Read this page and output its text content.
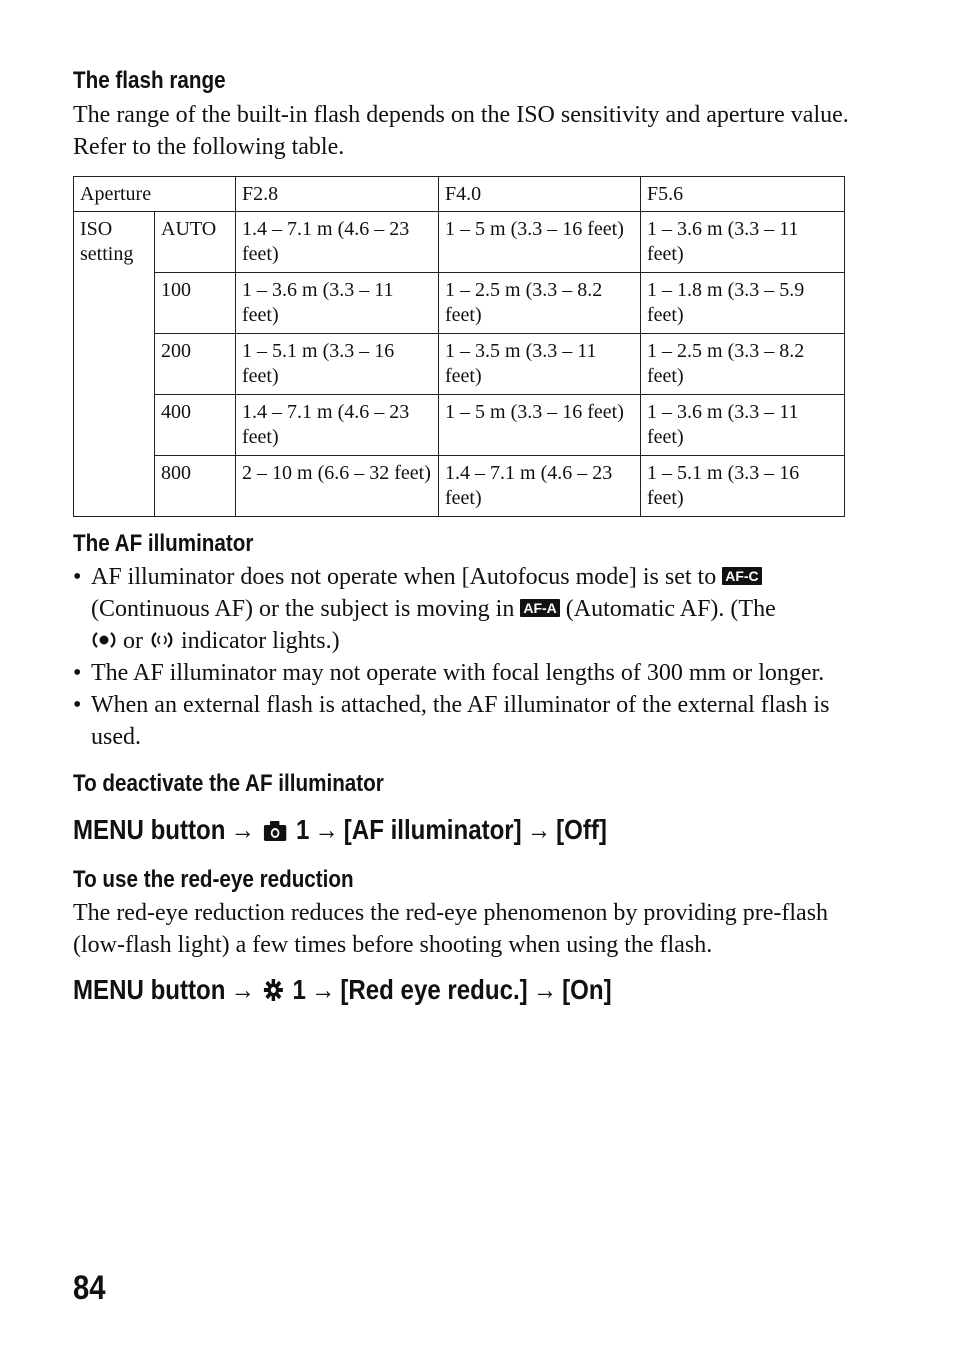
The flash range

The range of the built-in flash depends on the ISO sensitivity and aperture value. Refer to the following table.

Aperture		F2.8	F4.0	F5.6
ISO setting	AUTO	1.4 – 7.1 m (4.6 – 23 feet)	1 – 5 m (3.3 – 16 feet)	1 – 3.6 m (3.3 – 11 feet)
	100	1 – 3.6 m (3.3 – 11 feet)	1 – 2.5 m (3.3 – 8.2 feet)	1 – 1.8 m (3.3 – 5.9 feet)
	200	1 – 5.1 m (3.3 – 16 feet)	1 – 3.5 m (3.3 – 11 feet)	1 – 2.5 m (3.3 – 8.2 feet)
	400	1.4 – 7.1 m (4.6 – 23 feet)	1 – 5 m (3.3 – 16 feet)	1 – 3.6 m (3.3 – 11 feet)
	800	2 – 10 m (6.6 – 32 feet)	1.4 – 7.1 m (4.6 – 23 feet)	1 – 5.1 m (3.3 – 16 feet)
The AF illuminator
• AF illuminator does not operate when [Autofocus mode] is set to AF-C (Continuous AF) or the subject is moving in AF-A (Automatic AF). (The
or  indicator lights.)
• The AF illuminator may not operate with focal lengths of 300 mm or longer.
• When an external flash is attached, the AF illuminator of the external flash is used.
To deactivate the AF illuminator
MENU button → 1 → [AF illuminator] → [Off]
To use the red-eye reduction

The red-eye reduction reduces the red-eye phenomenon by providing pre-flash (low-flash light) a few times before shooting when using the flash.

MENU button → 1 → [Red eye reduc.] → [On]
84
